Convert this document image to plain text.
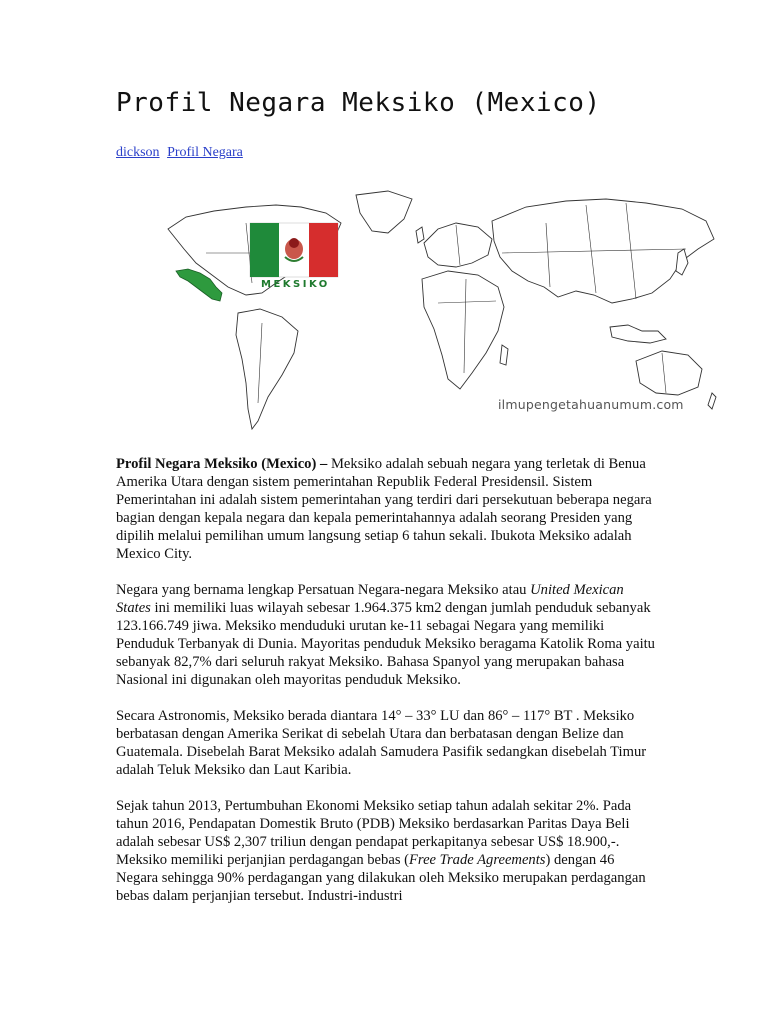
Profil Negara Meksiko (Mexico)
dickson Profil Negara
MEKSIKO
ilmupengetahuanumum.com

Profil Negara Meksiko (Mexico) – Meksiko adalah sebuah negara yang terletak di Benua Amerika Utara dengan sistem pemerintahan Republik Federal Presidensil. Sistem Pemerintahan ini adalah sistem pemerintahan yang terdiri dari persekutuan beberapa negara bagian dengan kepala negara dan kepala pemerintahannya adalah seorang Presiden yang dipilih melalui pemilihan umum langsung setiap 6 tahun sekali. Ibukota Meksiko adalah Mexico City.

Negara yang bernama lengkap Persatuan Negara-negara Meksiko atau United Mexican States ini memiliki luas wilayah sebesar 1.964.375 km2 dengan jumlah penduduk sebanyak 123.166.749 jiwa. Meksiko menduduki urutan ke-11 sebagai Negara yang memiliki Penduduk Terbanyak di Dunia. Mayoritas penduduk Meksiko beragama Katolik Roma yaitu sebanyak 82,7% dari seluruh rakyat Meksiko. Bahasa Spanyol yang merupakan bahasa Nasional ini digunakan oleh mayoritas penduduk Meksiko.

Secara Astronomis, Meksiko berada diantara 14° – 33° LU dan 86° – 117° BT . Meksiko berbatasan dengan Amerika Serikat di sebelah Utara dan berbatasan dengan Belize dan Guatemala. Disebelah Barat Meksiko adalah Samudera Pasifik sedangkan disebelah Timur adalah Teluk Meksiko dan Laut Karibia.

Sejak tahun 2013, Pertumbuhan Ekonomi Meksiko setiap tahun adalah sekitar 2%. Pada tahun 2016, Pendapatan Domestik Bruto (PDB) Meksiko berdasarkan Paritas Daya Beli adalah sebesar US$ 2,307 triliun dengan pendapat perkapitanya sebesar US$ 18.900,-. Meksiko memiliki perjanjian perdagangan bebas (Free Trade Agreements) dengan 46 Negara sehingga 90% perdagangan yang dilakukan oleh Meksiko merupakan perdagangan bebas dalam perjanjian tersebut. Industri-industri
